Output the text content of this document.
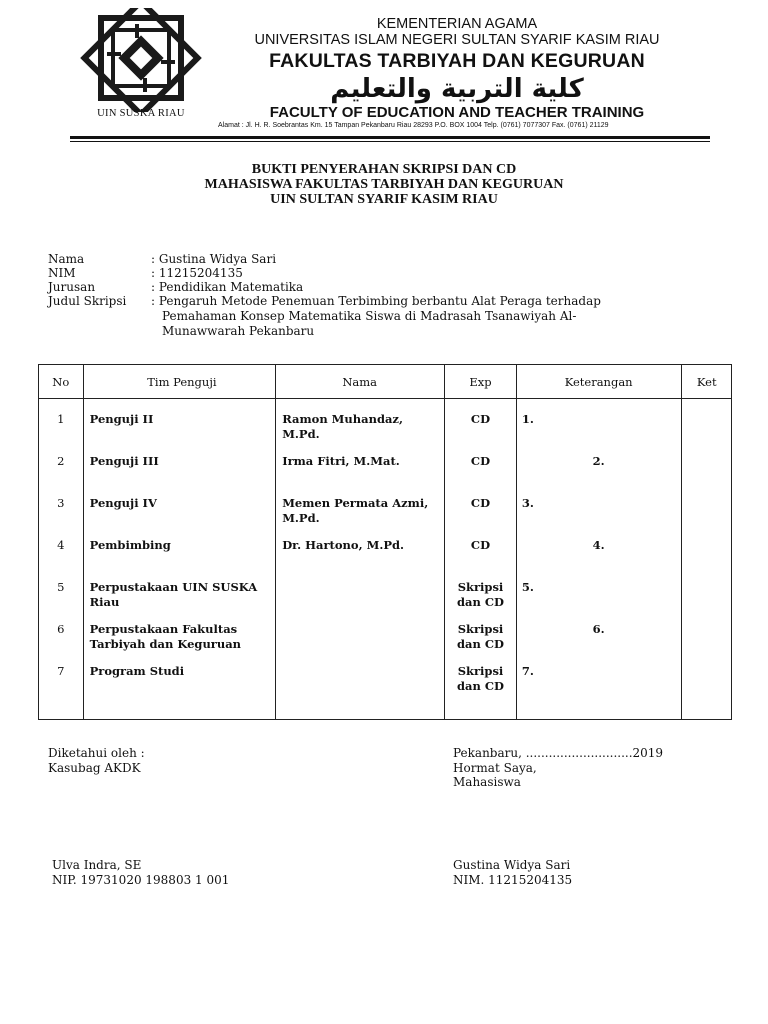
UIN SUSKA RIAU
KEMENTERIAN AGAMA
UNIVERSITAS ISLAM NEGERI SULTAN SYARIF KASIM RIAU
FAKULTAS TARBIYAH DAN KEGURUAN
كلية التربية والتعليم
FACULTY OF EDUCATION AND TEACHER TRAINING
Alamat : Jl. H. R. Soebrantas Km. 15 Tampan Pekanbaru Riau 28293 P.O. BOX 1004 Telp. (0761) 7077307 Fax. (0761) 21129
BUKTI PENYERAHAN SKRIPSI DAN CD
MAHASISWA FAKULTAS TARBIYAH DAN KEGURUAN
UIN SULTAN SYARIF KASIM RIAU
Nama	: Gustina Widya Sari
NIM	: 11215204135
Jurusan	: Pendidikan Matematika
Judul Skripsi : Pengaruh Metode Penemuan Terbimbing berbantu Alat Peraga terhadap
Pemahaman Konsep Matematika Siswa di Madrasah Tsanawiyah Al-
Munawwarah Pekanbaru
No	Tim Penguji	Nama	Exp	Keterangan	Ket

1	Penguji II	Ramon Muhandaz, M.Pd.	CD	1.	
2	Penguji III	Irma Fitri, M.Mat.	CD	2.	
3	Penguji IV	Memen Permata Azmi, M.Pd.	CD	3.	
4	Pembimbing	Dr. Hartono, M.Pd.	CD	4.	
5	Perpustakaan UIN SUSKA Riau		Skripsi dan CD	5.	
6	Perpustakaan Fakultas Tarbiyah dan Keguruan		Skripsi dan CD	6.	
7	Program Studi		Skripsi dan CD	7.	
Diketahui oleh :
Kasubag AKDK
Ulva Indra, SE
NIP. 19731020 198803 1 001
Pekanbaru, ............................2019
Hormat Saya,
Mahasiswa
Gustina Widya Sari
NIM. 11215204135
